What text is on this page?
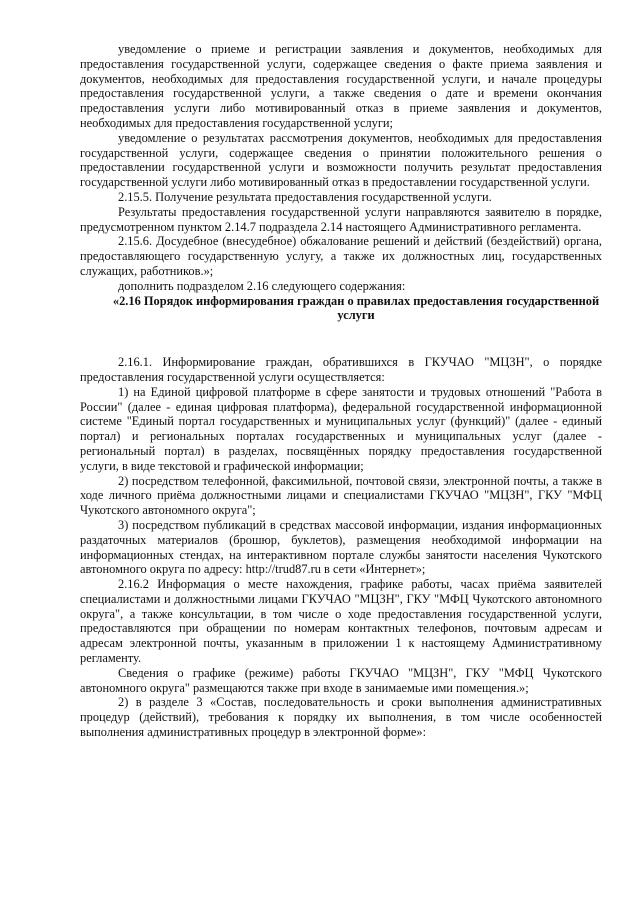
уведомление о приеме и регистрации заявления и документов, необходимых для предоставления государственной услуги, содержащее сведения о факте приема заявления и документов, необходимых для предоставления государственной услуги, и начале процедуры предоставления государственной услуги, а также сведения о дате и времени окончания предоставления услуги либо мотивированный отказ в приеме заявления и документов, необходимых для предоставления государственной услуги;

уведомление о результатах рассмотрения документов, необходимых для предоставления государственной услуги, содержащее сведения о принятии положительного решения о предоставлении государственной услуги и возможности получить результат предоставления государственной услуги либо мотивированный отказ в предоставлении государственной услуги.

2.15.5. Получение результата предоставления государственной услуги.

Результаты предоставления государственной услуги направляются заявителю в порядке, предусмотренном пунктом 2.14.7 подраздела 2.14 настоящего Административного регламента.

2.15.6. Досудебное (внесудебное) обжалование решений и действий (бездействий) органа, предоставляющего государственную услугу, а также их должностных лиц, государственных служащих, работников.»;

дополнить подразделом 2.16 следующего содержания:

«2.16 Порядок информирования граждан о правилах предоставления государственной услуги

2.16.1. Информирование граждан, обратившихся в ГКУЧАО "МЦЗН", о порядке предоставления государственной услуги осуществляется:

1) на Единой цифровой платформе в сфере занятости и трудовых отношений "Работа в России" (далее - единая цифровая платформа), федеральной государственной информационной системе "Единый портал государственных и муниципальных услуг (функций)" (далее - единый портал) и региональных порталах государственных и муниципальных услуг (далее - региональный портал) в разделах, посвящённых порядку предоставления государственной услуги, в виде текстовой и графической информации;

2) посредством телефонной, факсимильной, почтовой связи, электронной почты, а также в ходе личного приёма должностными лицами и специалистами ГКУЧАО "МЦЗН", ГКУ "МФЦ Чукотского автономного округа";

3) посредством публикаций в средствах массовой информации, издания информационных раздаточных материалов (брошюр, буклетов), размещения необходимой информации на информационных стендах, на интерактивном портале службы занятости населения Чукотского автономного округа по адресу: http://trud87.ru в сети «Интернет»;

2.16.2 Информация о месте нахождения, графике работы, часах приёма заявителей специалистами и должностными лицами ГКУЧАО "МЦЗН", ГКУ "МФЦ Чукотского автономного округа", а также консультации, в том числе о ходе предоставления государственной услуги, предоставляются при обращении по номерам контактных телефонов, почтовым адресам и адресам электронной почты, указанным в приложении 1 к настоящему Административному регламенту.

Сведения о графике (режиме) работы ГКУЧАО "МЦЗН", ГКУ "МФЦ Чукотского автономного округа" размещаются также при входе в занимаемые ими помещения.»;

2) в разделе 3 «Состав, последовательность и сроки выполнения административных процедур (действий), требования к порядку их выполнения, в том числе особенностей выполнения административных процедур в электронной форме»:
